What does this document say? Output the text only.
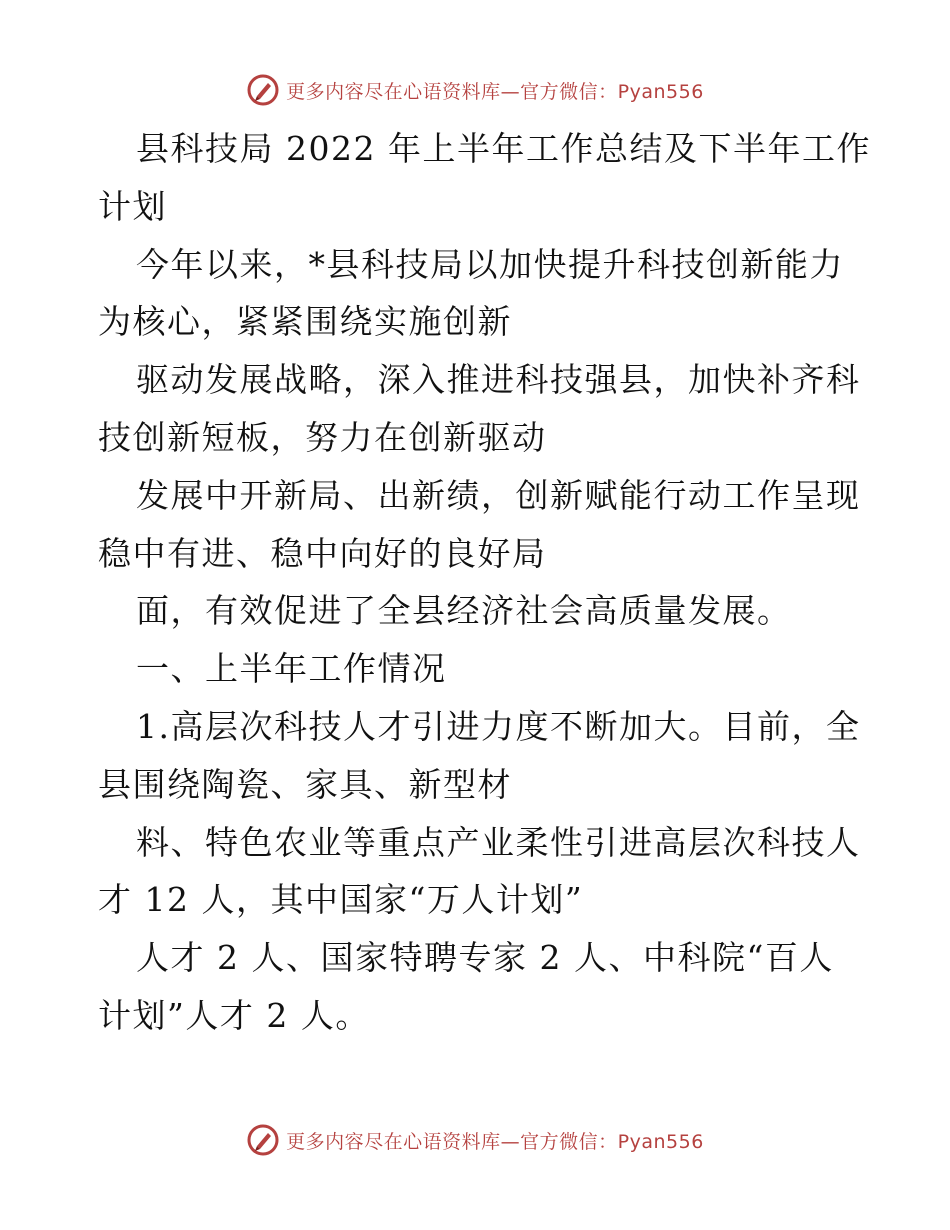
更多内容尽在心语资料库—官方微信：Pyan556
县科技局 2022 年上半年工作总结及下半年工作
计划
今年以来，*县科技局以加快提升科技创新能力
为核心，紧紧围绕实施创新
驱动发展战略，深入推进科技强县，加快补齐科
技创新短板，努力在创新驱动
发展中开新局、出新绩，创新赋能行动工作呈现
稳中有进、稳中向好的良好局
面，有效促进了全县经济社会高质量发展。
一、上半年工作情况
1.高层次科技人才引进力度不断加大。目前，全
县围绕陶瓷、家具、新型材
料、特色农业等重点产业柔性引进高层次科技人
才 12 人，其中国家“万人计划”
人才 2 人、国家特聘专家 2 人、中科院“百人
计划”人才 2 人。
更多内容尽在心语资料库—官方微信：Pyan556
